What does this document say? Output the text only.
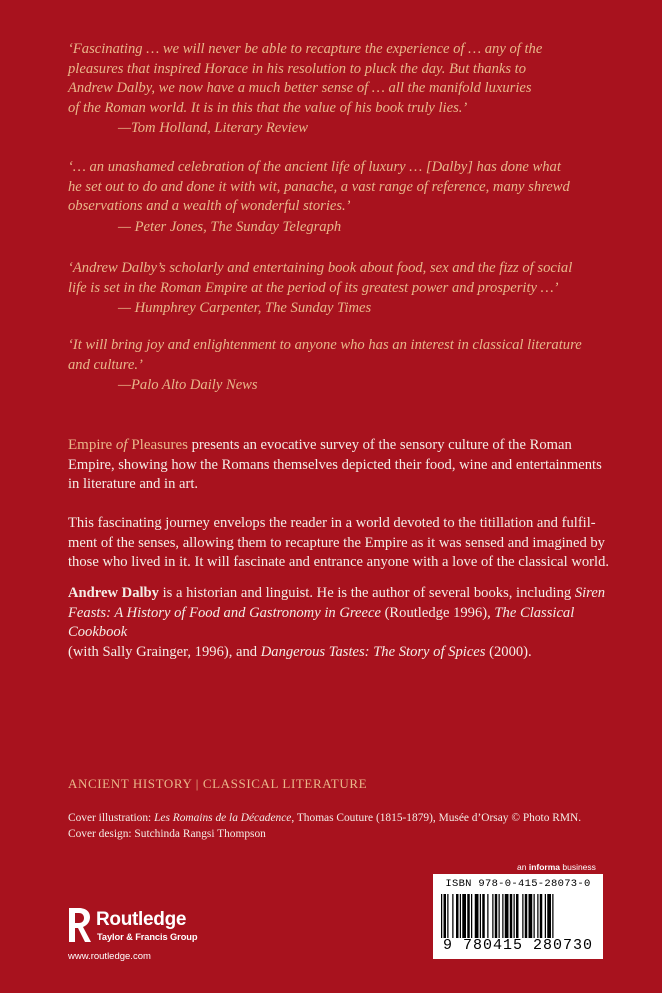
‘Fascinating … we will never be able to recapture the experience of … any of the

pleasures that inspired Horace in his resolution to pluck the day. But thanks to

Andrew Dalby, we now have a much better sense of … all the manifold luxuries

of the Roman world. It is in this that the value of his book truly lies.’

—Tom Holland, Literary Review

‘… an unashamed celebration of the ancient life of luxury … [Dalby] has done what

he set out to do and done it with wit, panache, a vast range of reference, many shrewd

observations and a wealth of wonderful stories.’

— Peter Jones, The Sunday Telegraph

‘Andrew Dalby’s scholarly and entertaining book about food, sex and the fizz of social

life is set in the Roman Empire at the period of its greatest power and prosperity …’

— Humphrey Carpenter, The Sunday Times

‘It will bring joy and enlightenment to anyone who has an interest in classical literature

and culture.’

—Palo Alto Daily News

Empire of Pleasures presents an evocative survey of the sensory culture of the Roman

Empire, showing how the Romans themselves depicted their food, wine and entertainments

in literature and in art.

This fascinating journey envelops the reader in a world devoted to the titillation and fulfil-

ment of the senses, allowing them to recapture the Empire as it was sensed and imagined by

those who lived in it. It will fascinate and entrance anyone with a love of the classical world.

Andrew Dalby is a historian and linguist. He is the author of several books, including Siren

Feasts: A History of Food and Gastronomy in Greece (Routledge 1996), The Classical Cookbook

(with Sally Grainger, 1996), and Dangerous Tastes: The Story of Spices (2000).

ANCIENT HISTORY | CLASSICAL LITERATURE

Cover illustration: Les Romains de la Décadence, Thomas Couture (1815-1879), Musée d’Orsay © Photo RMN.

Cover design: Sutchinda Rangsi Thompson

an informa business
ISBN 978-0-415-28073-0
9 780415 280730
Routledge
Taylor & Francis Group
www.routledge.com
